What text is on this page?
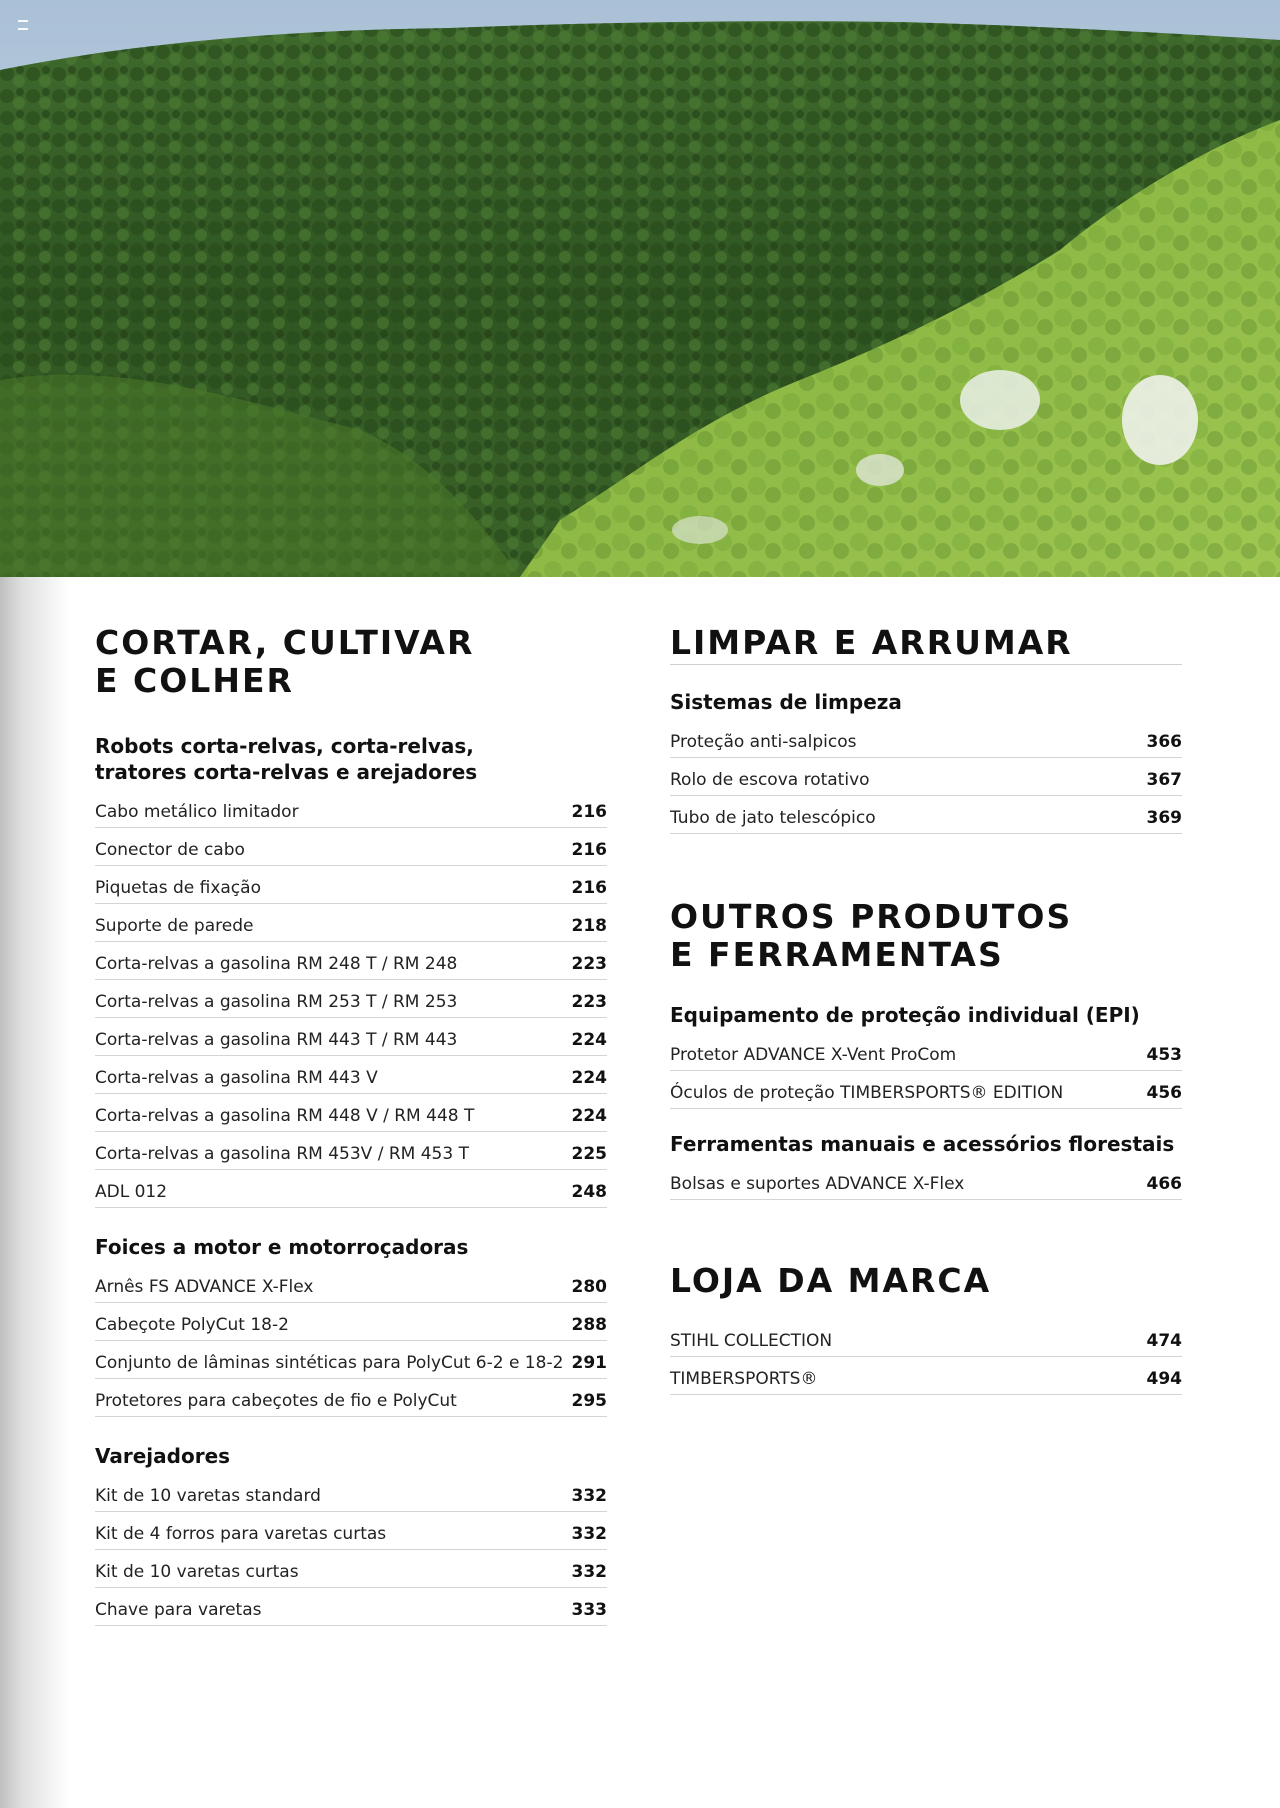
CORTAR, CULTIVAR
E COLHER
Robots corta-relvas, corta-relvas,
tratores corta-relvas e arejadores
Cabo metálico limitador	216
Conector de cabo	216
Piquetas de fixação	216
Suporte de parede	218
Corta-relvas a gasolina RM 248 T / RM 248	223
Corta-relvas a gasolina RM 253 T / RM 253	223
Corta-relvas a gasolina RM 443 T / RM 443	224
Corta-relvas a gasolina RM 443 V	224
Corta-relvas a gasolina RM 448 V / RM 448 T	224
Corta-relvas a gasolina RM 453V / RM 453 T	225
ADL 012	248
Foices a motor e motorroçadoras
Arnês FS ADVANCE X-Flex	280
Cabeçote PolyCut 18-2	288
Conjunto de lâminas sintéticas para PolyCut 6-2 e 18-2 291
Protetores para cabeçotes de fio e PolyCut	295
Varejadores
Kit de 10 varetas standard	332
Kit de 4 forros para varetas curtas	332
Kit de 10 varetas curtas	332
Chave para varetas	333
LIMPAR E ARRUMAR
Sistemas de limpeza
Proteção anti-salpicos	366
Rolo de escova rotativo	367
Tubo de jato telescópico	369
OUTROS PRODUTOS
E FERRAMENTAS
Equipamento de proteção individual (EPI)
Protetor ADVANCE X-Vent ProCom	453
Óculos de proteção TIMBERSPORTS® EDITION	456
Ferramentas manuais e acessórios florestais
Bolsas e suportes ADVANCE X-Flex	466
LOJA DA MARCA
STIHL COLLECTION	474
TIMBERSPORTS®	494
